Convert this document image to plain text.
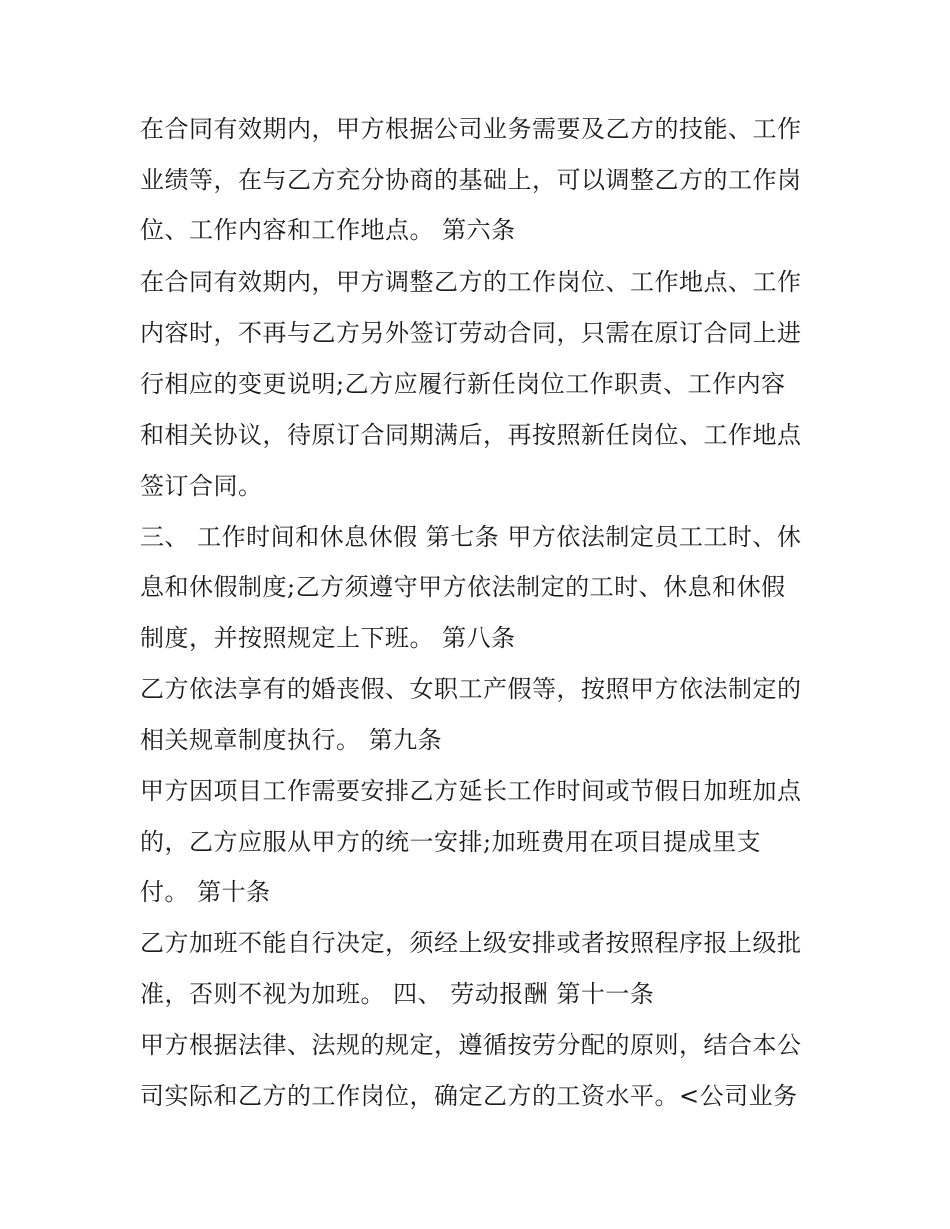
在合同有效期内，甲方根据公司业务需要及乙方的技能、工作
业绩等，在与乙方充分协商的基础上，可以调整乙方的工作岗
位、工作内容和工作地点。 第六条
在合同有效期内，甲方调整乙方的工作岗位、工作地点、工作
内容时，不再与乙方另外签订劳动合同，只需在原订合同上进
行相应的变更说明;乙方应履行新任岗位工作职责、工作内容
和相关协议，待原订合同期满后，再按照新任岗位、工作地点
签订合同。
三、 工作时间和休息休假 第七条 甲方依法制定员工工时、休
息和休假制度;乙方须遵守甲方依法制定的工时、休息和休假
制度，并按照规定上下班。 第八条
乙方依法享有的婚丧假、女职工产假等，按照甲方依法制定的
相关规章制度执行。 第九条
甲方因项目工作需要安排乙方延长工作时间或节假日加班加点
的，乙方应服从甲方的统一安排;加班费用在项目提成里支
付。 第十条
乙方加班不能自行决定，须经上级安排或者按照程序报上级批
准，否则不视为加班。 四、 劳动报酬 第十一条
甲方根据法律、法规的规定，遵循按劳分配的原则，结合本公
司实际和乙方的工作岗位，确定乙方的工资水平。<公司业务
